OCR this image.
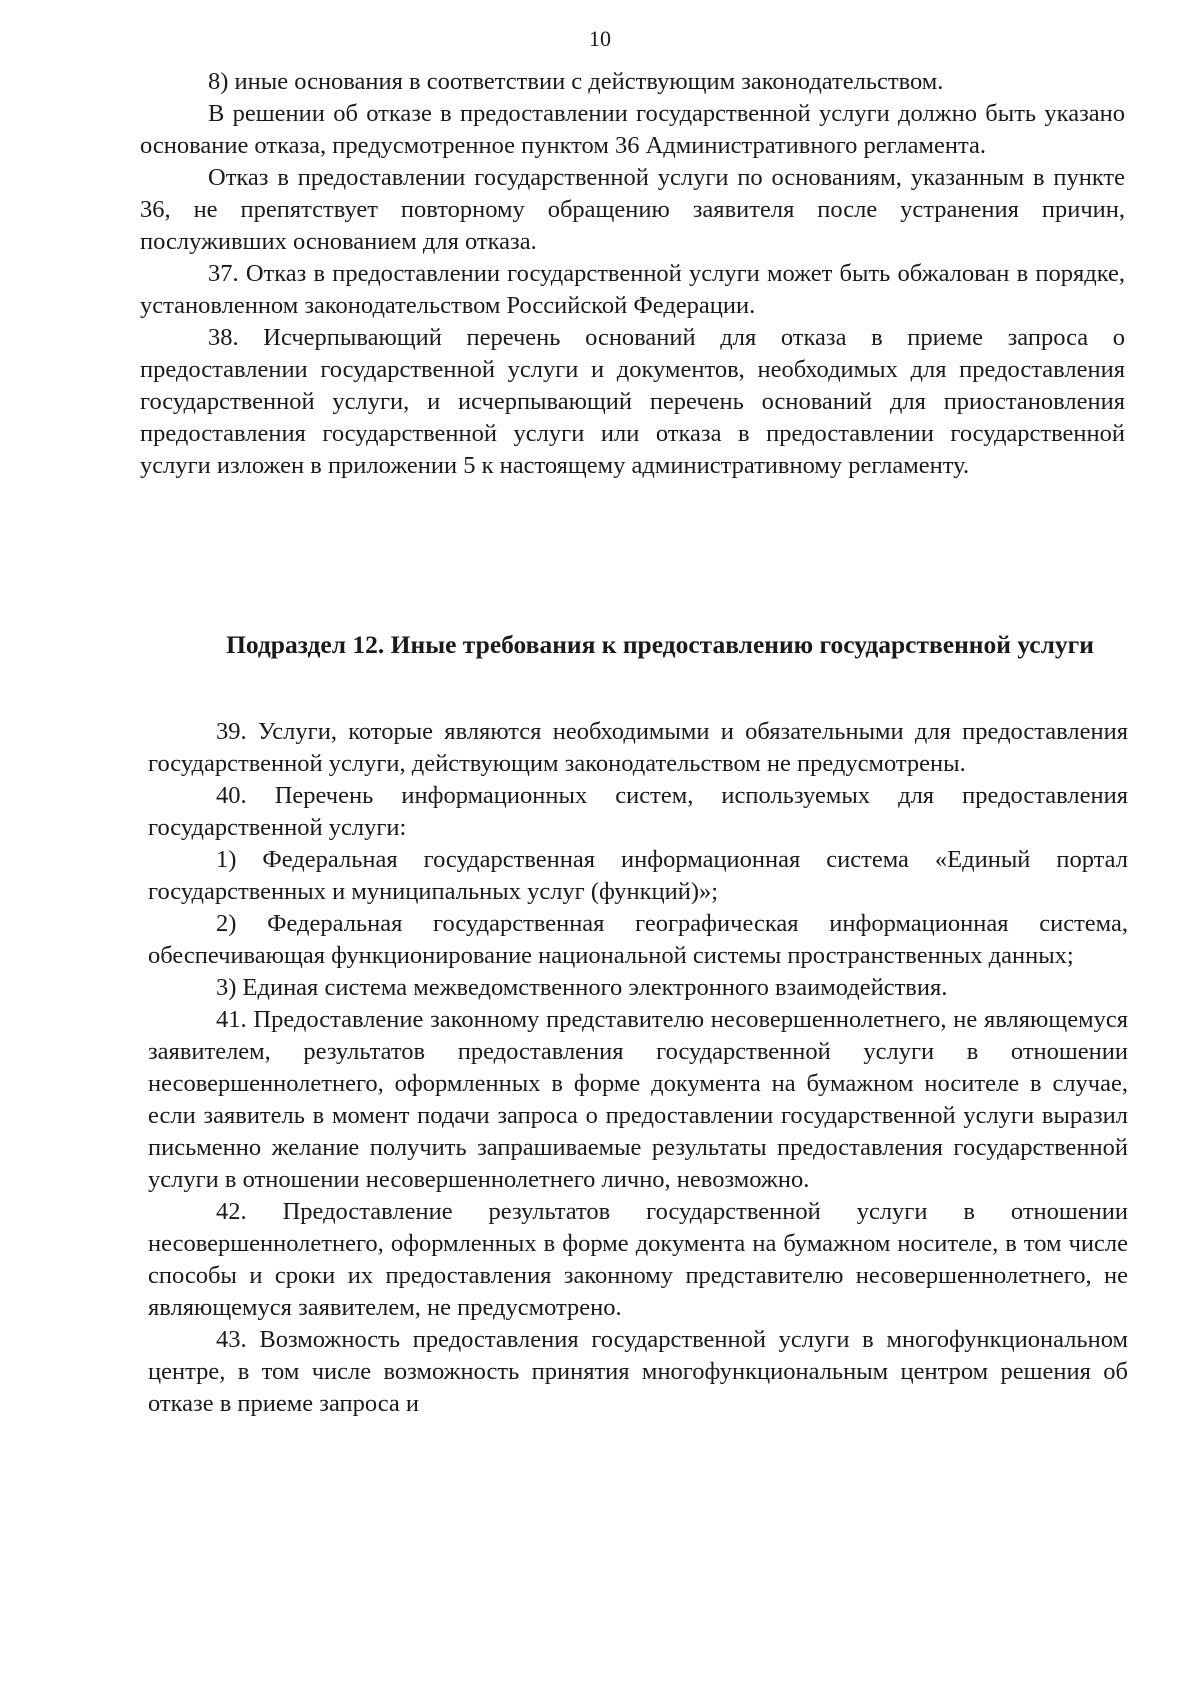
10

8) иные основания в соответствии с действующим законодательством.

В решении об отказе в предоставлении государственной услуги должно быть указано основание отказа, предусмотренное пунктом 36 Административного регламента.

Отказ в предоставлении государственной услуги по основаниям, указанным в пункте 36, не препятствует повторному обращению заявителя после устранения причин, послуживших основанием для отказа.

37. Отказ в предоставлении государственной услуги может быть обжалован в порядке, установленном законодательством Российской Федерации.

38. Исчерпывающий перечень оснований для отказа в приеме запроса о предоставлении государственной услуги и документов, необходимых для предоставления государственной услуги, и исчерпывающий перечень оснований для приостановления предоставления государственной услуги или отказа в предоставлении государственной услуги изложен в приложении 5 к настоящему административному регламенту.

Подраздел 12. Иные требования к предоставлению государственной услуги

39. Услуги, которые являются необходимыми и обязательными для предоставления государственной услуги, действующим законодательством не предусмотрены.

40. Перечень информационных систем, используемых для предоставления государственной услуги:

1) Федеральная государственная информационная система «Единый портал государственных и муниципальных услуг (функций)»;

2) Федеральная государственная географическая информационная система, обеспечивающая функционирование национальной системы пространственных данных;

3) Единая система межведомственного электронного взаимодействия.

41. Предоставление законному представителю несовершеннолетнего, не являющемуся заявителем, результатов предоставления государственной услуги в отношении несовершеннолетнего, оформленных в форме документа на бумажном носителе в случае, если заявитель в момент подачи запроса о предоставлении государственной услуги выразил письменно желание получить запрашиваемые результаты предоставления государственной услуги в отношении несовершеннолетнего лично, невозможно.

42. Предоставление результатов государственной услуги в отношении несовершеннолетнего, оформленных в форме документа на бумажном носителе, в том числе способы и сроки их предоставления законному представителю несовершеннолетнего, не являющемуся заявителем, не предусмотрено.

43. Возможность предоставления государственной услуги в многофункциональном центре, в том числе возможность принятия многофункциональным центром решения об отказе в приеме запроса и
